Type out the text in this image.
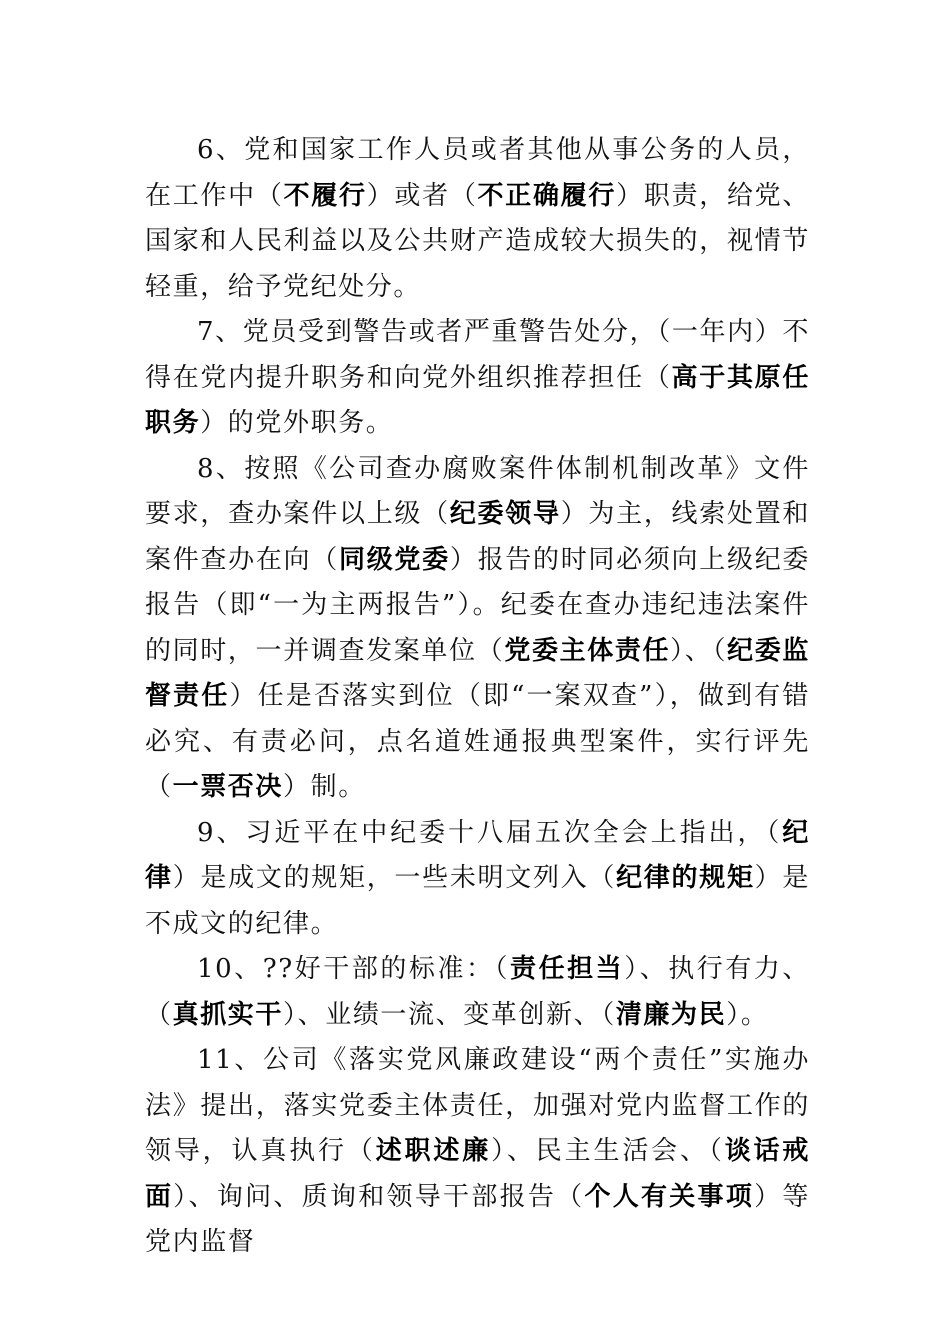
6、党和国家工作人员或者其他从事公务的人员，在工作中（不履行）或者（不正确履行）职责，给党、国家和人民利益以及公共财产造成较大损失的，视情节轻重，给予党纪处分。

7、党员受到警告或者严重警告处分，（一年内）不得在党内提升职务和向党外组织推荐担任（高于其原任职务）的党外职务。

8、按照《公司查办腐败案件体制机制改革》文件要求，查办案件以上级（纪委领导）为主，线索处置和案件查办在向（同级党委）报告的时同必须向上级纪委报告（即“一为主两报告”）。纪委在查办违纪违法案件的同时，一并调查发案单位（党委主体责任）、（纪委监督责任）任是否落实到位（即“一案双查”），做到有错必究、有责必问，点名道姓通报典型案件，实行评先（一票否决）制。

9、习近平在中纪委十八届五次全会上指出，（纪律）是成文的规矩，一些未明文列入（纪律的规矩）是不成文的纪律。

10、??好干部的标准：（责任担当）、执行有力、（真抓实干）、业绩一流、变革创新、（清廉为民）。

11、公司《落实党风廉政建设“两个责任”实施办法》提出，落实党委主体责任，加强对党内监督工作的领导，认真执行（述职述廉）、民主生活会、（谈话戒面）、询问、质询和领导干部报告（个人有关事项）等党内监督
